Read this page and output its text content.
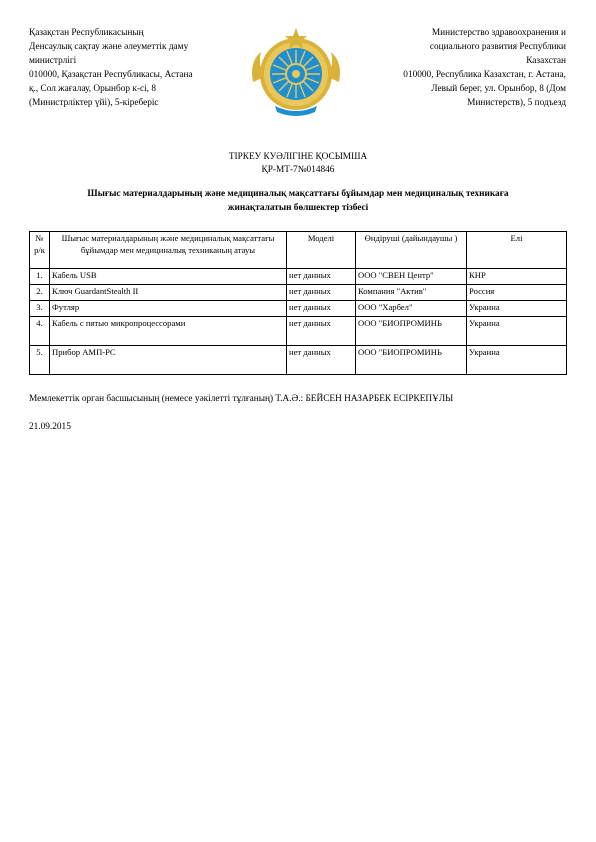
Қазақстан Республикасының
Денсаулық сақтау және әлеуметтік даму
министрлігі
010000, Қазақстан Республикасы, Астана
қ., Сол жағалау, Орынбор к-сі, 8
(Министрліктер үйі), 5-кіреберіс
Министерство здравоохранения и
социального развития Республики
Казахстан
010000, Республика Казахстан, г. Астана,
Левый берег, ул. Орынбор, 8 (Дом
Министерств), 5 подъезд
ТІРКЕУ КУӘЛІГІНЕ ҚОСЫМША
ҚР-МТ-7№014846
Шығыс материалдарының және медициналық мақсаттағы бұйымдар мен медициналық техникаға
жинақталатын бөлшектер тізбесі
№ р/к	Шығыс материалдарының және медициналық мақсаттағы бұйымдар мен медициналық техниканың атауы	Моделі	Өндіруші (дайындаушы )	Елі
1.	Кабель USB	нет данных	ООО "СВЕН Центр"	КНР
2.	Ключ GuardantStealth II	нет данных	Компания "Актив"	Россия
3.	Футляр	нет данных	ООО "Харбел"	Украина
4.	Кабель с пятью микропроцессорами	нет данных	ООО "БИОПРОМИНЬ	Украина
5.	Прибор АМП-PC	нет данных	ООО "БИОПРОМИНЬ	Украина
Мемлекеттік орган басшысының (немесе уәкілетті тұлғаның) Т.А.Ә.: БЕЙСЕН НАЗАРБЕК ЕСІРКЕПҰЛЫ
21.09.2015
